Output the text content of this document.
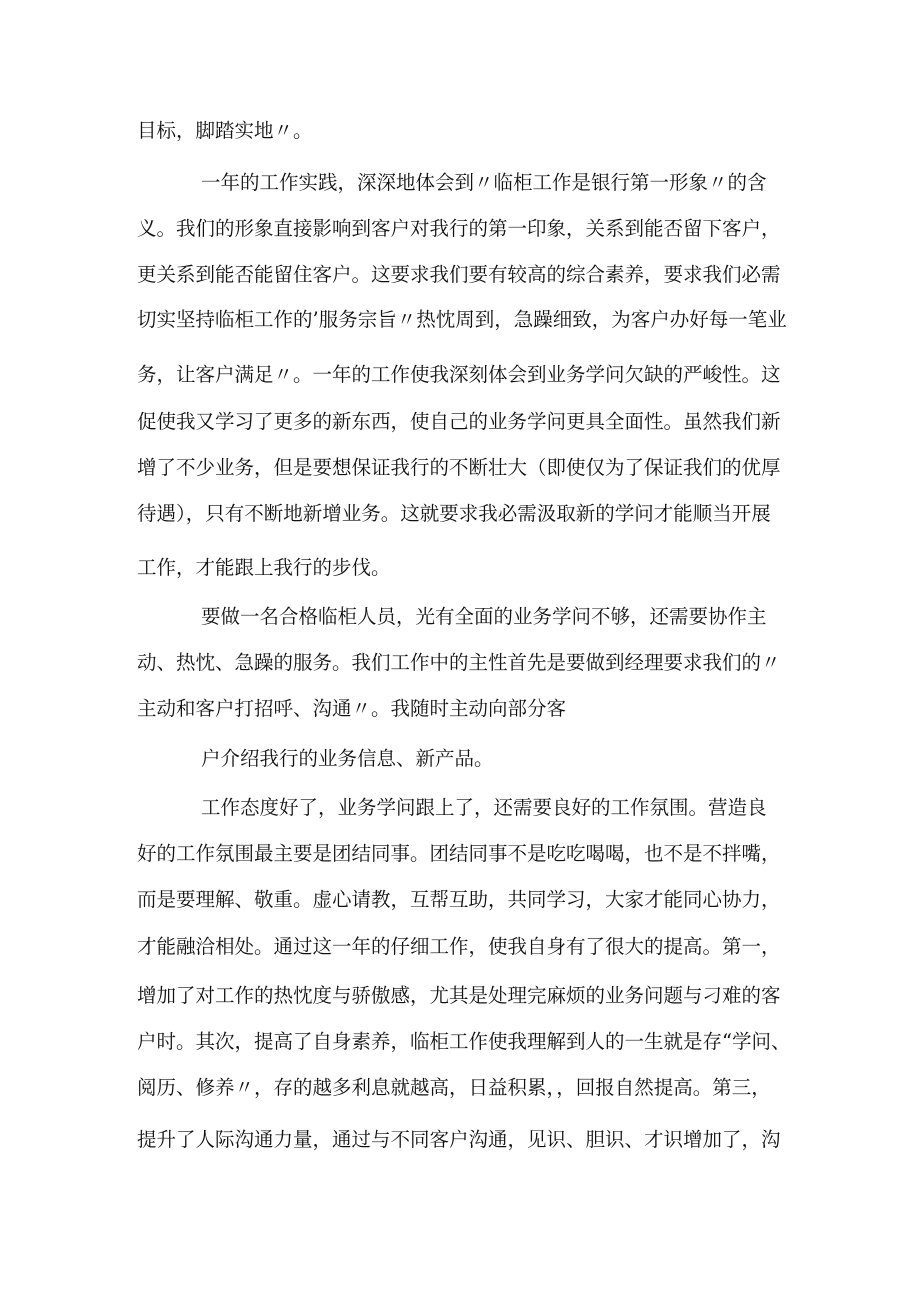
目标，脚踏实地〃。
一年的工作实践，深深地体会到〃临柜工作是银行第一形象〃的含
义。我们的形象直接影响到客户对我行的第一印象，关系到能否留下客户，
更关系到能否能留住客户。这要求我们要有较高的综合素养，要求我们必需
切实坚持临柜工作的’服务宗旨〃热忱周到，急躁细致，为客户办好每一笔业
务，让客户满足〃。一年的工作使我深刻体会到业务学问欠缺的严峻性。这
促使我又学习了更多的新东西，使自己的业务学问更具全面性。虽然我们新
增了不少业务，但是要想保证我行的不断壮大（即使仅为了保证我们的优厚
待遇），只有不断地新增业务。这就要求我必需汲取新的学问才能顺当开展
工作，才能跟上我行的步伐。
要做一名合格临柜人员，光有全面的业务学问不够，还需要协作主
动、热忱、急躁的服务。我们工作中的主性首先是要做到经理要求我们的〃
主动和客户打招呼、沟通〃。我随时主动向部分客
户介绍我行的业务信息、新产品。
工作态度好了，业务学问跟上了，还需要良好的工作氛围。营造良
好的工作氛围最主要是团结同事。团结同事不是吃吃喝喝，也不是不拌嘴，
而是要理解、敬重。虚心请教，互帮互助，共同学习，大家才能同心协力，
才能融洽相处。通过这一年的仔细工作，使我自身有了很大的提高。第一，
增加了对工作的热忱度与骄傲感，尤其是处理完麻烦的业务问题与刁难的客
户时。其次，提高了自身素养，临柜工作使我理解到人的一生就是存“学问、
阅历、修养〃，存的越多利息就越高，日益积累，，回报自然提高。第三，
提升了人际沟通力量，通过与不同客户沟通，见识、胆识、才识增加了，沟
